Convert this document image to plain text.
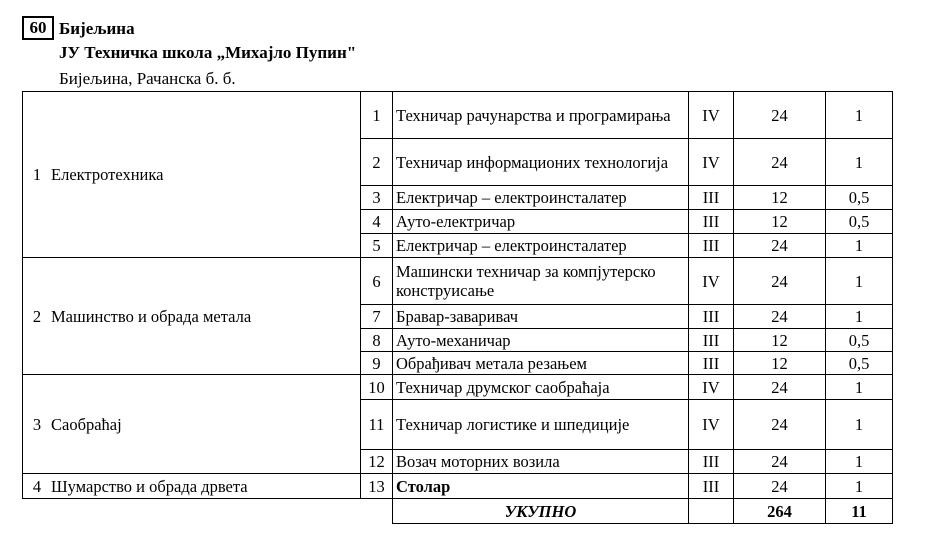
60 Бијељина
ЈУ Техничка школа „Михајло Пупин"
Бијељина, Рачанска б. б.
1 Електротехника	1	Техничар рачунарства и програмирања	IV	24	1
	2	Техничар информационих технологија	IV	24	1
	3	Електричар – електроинсталатер	III	12	0,5
	4	Ауто-електричар	III	12	0,5
	5	Електричар – електроинсталатер	III	24	1

2 Машинство и обрада метала	6	Машински техничар за компјутерско конструисање	IV	24	1
	7	Бравар-заваривач	III	24	1
	8	Ауто-механичар	III	12	0,5
	9	Обрађивач метала резањем	III	12	0,5

3 Саобраћај	10	Техничар друмског саобраћаја	IV	24	1
	11	Техничар логистике и шпедиције	IV	24	1
	12	Возач моторних возила	III	24	1

4 Шумарство и обрада дрвета	13	Столар	III	24	1
		УКУПНО		264	11
